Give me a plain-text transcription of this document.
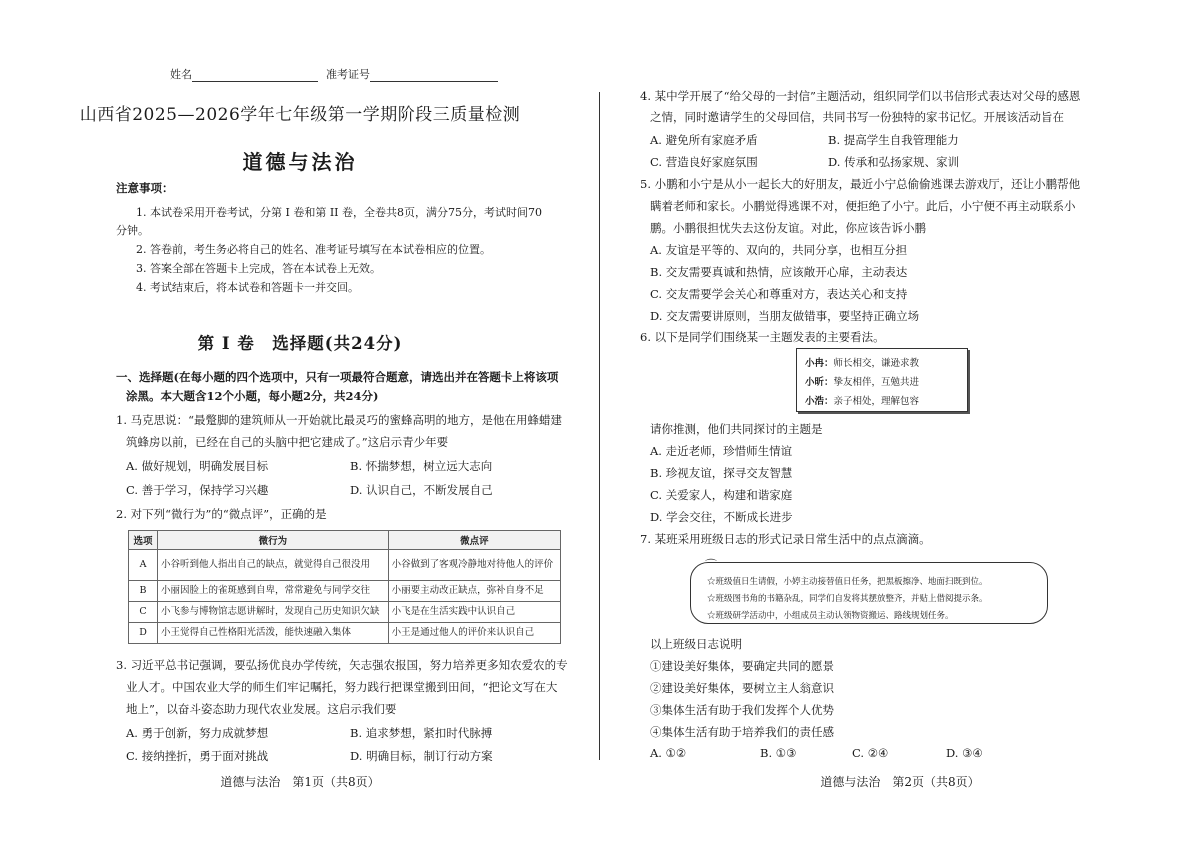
姓名	准考证号
山西省2025—2026学年七年级第一学期阶段三质量检测
道德与法治
注意事项：
1. 本试卷采用开卷考试，分第 I 卷和第 II 卷，全卷共8页，满分75分，考试时间70
分钟。
2. 答卷前，考生务必将自己的姓名、准考证号填写在本试卷相应的位置。
3. 答案全部在答题卡上完成，答在本试卷上无效。
4. 考试结束后，将本试卷和答题卡一并交回。
第 I 卷　选择题(共24分)
一、选择题(在每小题的四个选项中，只有一项最符合题意，请选出并在答题卡上将该项
涂黑。本大题含12个小题，每小题2分，共24分)
1. 马克思说：“最蹩脚的建筑师从一开始就比最灵巧的蜜蜂高明的地方，是他在用蜂蜡建
筑蜂房以前，已经在自己的头脑中把它建成了。”这启示青少年要
A. 做好规划，明确发展目标	B. 怀揣梦想，树立远大志向
C. 善于学习，保持学习兴趣	D. 认识自己，不断发展自己
2. 对下列“微行为”的“微点评”，正确的是
选项	微行为	微点评
A	小谷听到他人指出自己的缺点，就觉得自己很没用	小谷做到了客观冷静地对待他人的评价
B	小丽因脸上的雀斑感到自卑，常常避免与同学交往	小丽要主动改正缺点，弥补自身不足
C	小飞参与博物馆志愿讲解时，发现自己历史知识欠缺	小飞是在生活实践中认识自己
D	小王觉得自己性格阳光活泼，能快速融入集体	小王是通过他人的评价来认识自己
3. 习近平总书记强调，要弘扬优良办学传统，矢志强农报国，努力培养更多知农爱农的专
业人才。中国农业大学的师生们牢记嘱托，努力践行把课堂搬到田间，“把论文写在大
地上”，以奋斗姿态助力现代农业发展。这启示我们要
A. 勇于创新，努力成就梦想	B. 追求梦想，紧扣时代脉搏
C. 接纳挫折，勇于面对挑战	D. 明确目标，制订行动方案
道德与法治　第1页（共8页）
4. 某中学开展了“给父母的一封信”主题活动，组织同学们以书信形式表达对父母的感恩
之情，同时邀请学生的父母回信，共同书写一份独特的家书记忆。开展该活动旨在
A. 避免所有家庭矛盾	B. 提高学生自我管理能力
C. 营造良好家庭氛围	D. 传承和弘扬家规、家训
5. 小鹏和小宁是从小一起长大的好朋友，最近小宁总偷偷逃课去游戏厅，还让小鹏帮他
瞒着老师和家长。小鹏觉得逃课不对，便拒绝了小宁。此后，小宁便不再主动联系小
鹏。小鹏很担忧失去这份友谊。对此，你应该告诉小鹏
A. 友谊是平等的、双向的，共同分享，也相互分担
B. 交友需要真诚和热情，应该敞开心扉，主动表达
C. 交友需要学会关心和尊重对方，表达关心和支持
D. 交友需要讲原则，当朋友做错事，要坚持正确立场
6. 以下是同学们围绕某一主题发表的主要看法。
小冉：师长相交，谦逊求教
小昕：挚友相伴，互勉共进
小浩：亲子相处，理解包容
请你推测，他们共同探讨的主题是
A. 走近老师，珍惜师生情谊
B. 珍视友谊，探寻交友智慧
C. 关爱家人，构建和谐家庭
D. 学会交往，不断成长进步
7. 某班采用班级日志的形式记录日常生活中的点点滴滴。
⌒
☆班级值日生请假，小婷主动接替值日任务，把黑板擦净、地面扫既到位。
☆班级图书角的书籍杂乱，同学们自发将其摆放整齐，并贴上借阅提示条。
☆班级研学活动中，小组成员主动认领物资搬运、路线规划任务。
以上班级日志说明
①建设美好集体，要确定共同的愿景
②建设美好集体，要树立主人翁意识
③集体生活有助于我们发挥个人优势
④集体生活有助于培养我们的责任感
A. ①②	B. ①③	C. ②④	D. ③④
道德与法治　第2页（共8页）
